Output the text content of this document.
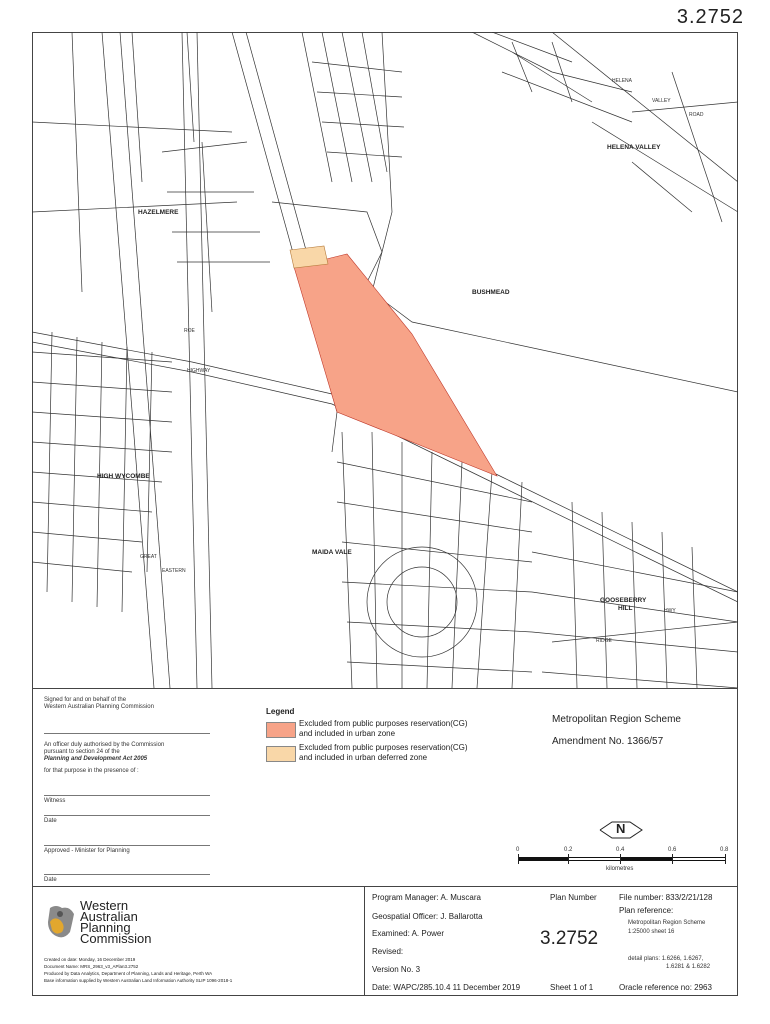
3.2752
HAZELMERE
BUSHMEAD
HELENA VALLEY
HIGH WYCOMBE
MAIDA VALE
GOOSEBERRY
HILL
ROAD
VALLEY
HELENA
GREAT
EASTERN
HIGHWAY
RIDGE
ROE
HWY
Signed for and on behalf of the
Western Australian Planning Commission
An officer duly authorised by the Commission
pursuant to section 24 of the
Planning and Development Act 2005
for that purpose in the presence of :
Witness
Date
Approved - Minister for Planning
Date
Legend
Excluded from public purposes reservation(CG)
and included in urban zone
Excluded from public purposes reservation(CG)
and included in urban deferred zone
Metropolitan Region Scheme
Amendment No. 1366/57
N
0	0.2	0.4	0.6	0.8
kilometres
Western
Australian
Planning
Commission
Created on date: Monday, 16 December 2019
Document Name: MRS_2963_v3_APlan3.2752
Produced by Data Analytics, Department of Planning, Lands and Heritage, Perth WA
Base information supplied by Western Australian Land Information Authority SLIP 1096-2018-1
Program Manager: A. Muscara
Geospatial Officer: J. Ballarotta
Examined: A. Power
Revised:
Version No. 3
Date: WAPC/285.10.4 11 December 2019
Plan Number
3.2752
Sheet 1 of 1
File number: 833/2/21/128
Plan reference:
Metropolitan Region Scheme
1:25000 sheet 16
detail plans: 1.6266, 1.6267,
1.6281 & 1.6282
Oracle reference no: 2963
